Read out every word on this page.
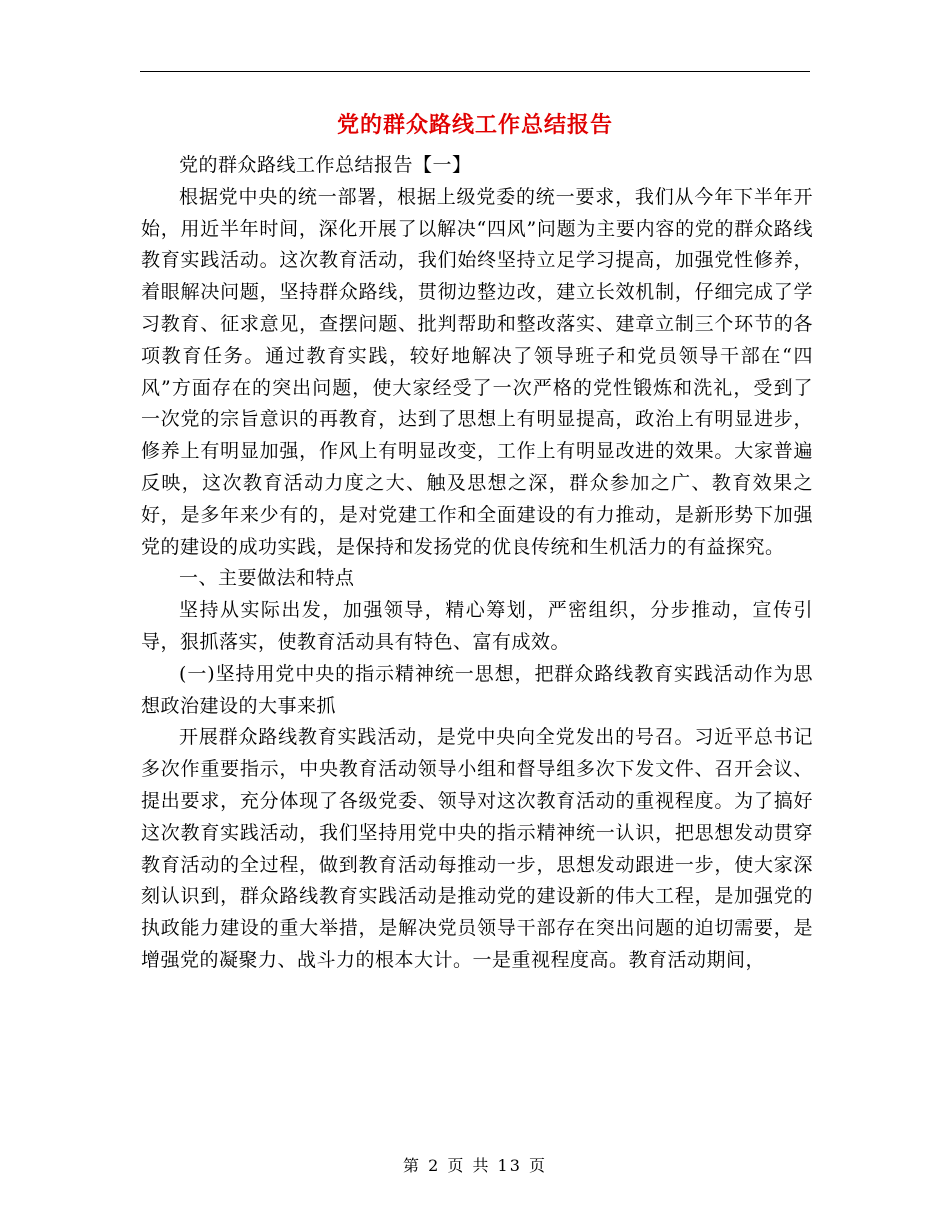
党的群众路线工作总结报告

党的群众路线工作总结报告【一】

根据党中央的统一部署，根据上级党委的统一要求，我们从今年下半年开始，用近半年时间，深化开展了以解决“四风”问题为主要内容的党的群众路线教育实践活动。这次教育活动，我们始终坚持立足学习提高，加强党性修养，着眼解决问题，坚持群众路线，贯彻边整边改，建立长效机制，仔细完成了学习教育、征求意见，查摆问题、批判帮助和整改落实、建章立制三个环节的各项教育任务。通过教育实践，较好地解决了领导班子和党员领导干部在“四风”方面存在的突出问题，使大家经受了一次严格的党性锻炼和洗礼，受到了一次党的宗旨意识的再教育，达到了思想上有明显提高，政治上有明显进步，修养上有明显加强，作风上有明显改变，工作上有明显改进的效果。大家普遍反映，这次教育活动力度之大、触及思想之深，群众参加之广、教育效果之好，是多年来少有的，是对党建工作和全面建设的有力推动，是新形势下加强党的建设的成功实践，是保持和发扬党的优良传统和生机活力的有益探究。

一、主要做法和特点

坚持从实际出发，加强领导，精心筹划，严密组织，分步推动，宣传引导，狠抓落实，使教育活动具有特色、富有成效。

(一)坚持用党中央的指示精神统一思想，把群众路线教育实践活动作为思想政治建设的大事来抓

开展群众路线教育实践活动，是党中央向全党发出的号召。习近平总书记多次作重要指示，中央教育活动领导小组和督导组多次下发文件、召开会议、提出要求，充分体现了各级党委、领导对这次教育活动的重视程度。为了搞好这次教育实践活动，我们坚持用党中央的指示精神统一认识，把思想发动贯穿教育活动的全过程，做到教育活动每推动一步，思想发动跟进一步，使大家深刻认识到，群众路线教育实践活动是推动党的建设新的伟大工程，是加强党的执政能力建设的重大举措，是解决党员领导干部存在突出问题的迫切需要，是增强党的凝聚力、战斗力的根本大计。一是重视程度高。教育活动期间，

第 2 页 共 13 页
